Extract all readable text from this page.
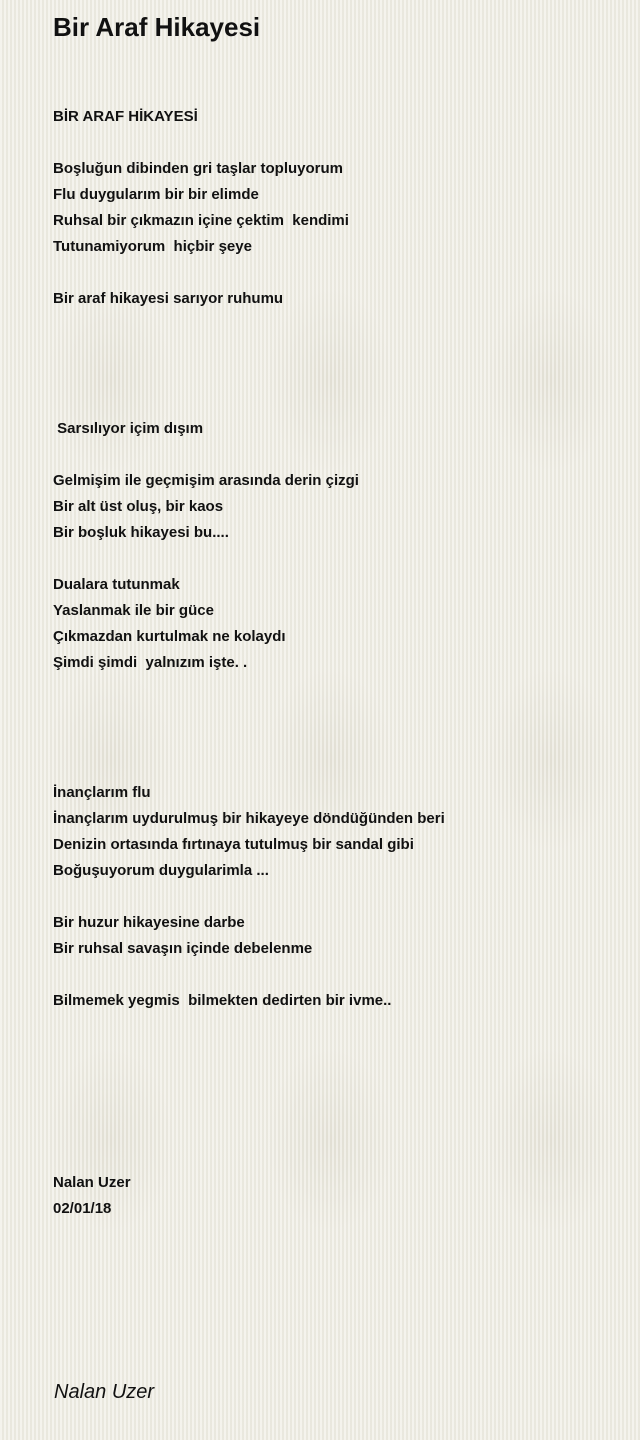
Bir Araf Hikayesi
BİR ARAF HİKAYESİ
Boşluğun dibinden gri taşlar topluyorum
Flu duygularım bir bir elimde
Ruhsal bir çıkmazın içine çektim  kendimi
Tutunamiyorum  hiçbir şeye
Bir araf hikayesi sarıyor ruhumu
Sarsılıyor içim dışım
Gelmişim ile geçmişim arasında derin çizgi
Bir alt üst oluş, bir kaos
Bir boşluk hikayesi bu....
Dualara tutunmak
Yaslanmak ile bir güce
Çıkmazdan kurtulmak ne kolaydı
Şimdi şimdi  yalnızım işte. .
İnançlarım flu
İnançlarım uydurulmuş bir hikayeye döndüğünden beri
Denizin ortasında fırtınaya tutulmuş bir sandal gibi
Boğuşuyorum duygularimla ...
Bir huzur hikayesine darbe
Bir ruhsal savaşın içinde debelenme
Bilmemek yegmis  bilmekten dedirten bir ivme..
Nalan Uzer
02/01/18
Nalan Uzer
